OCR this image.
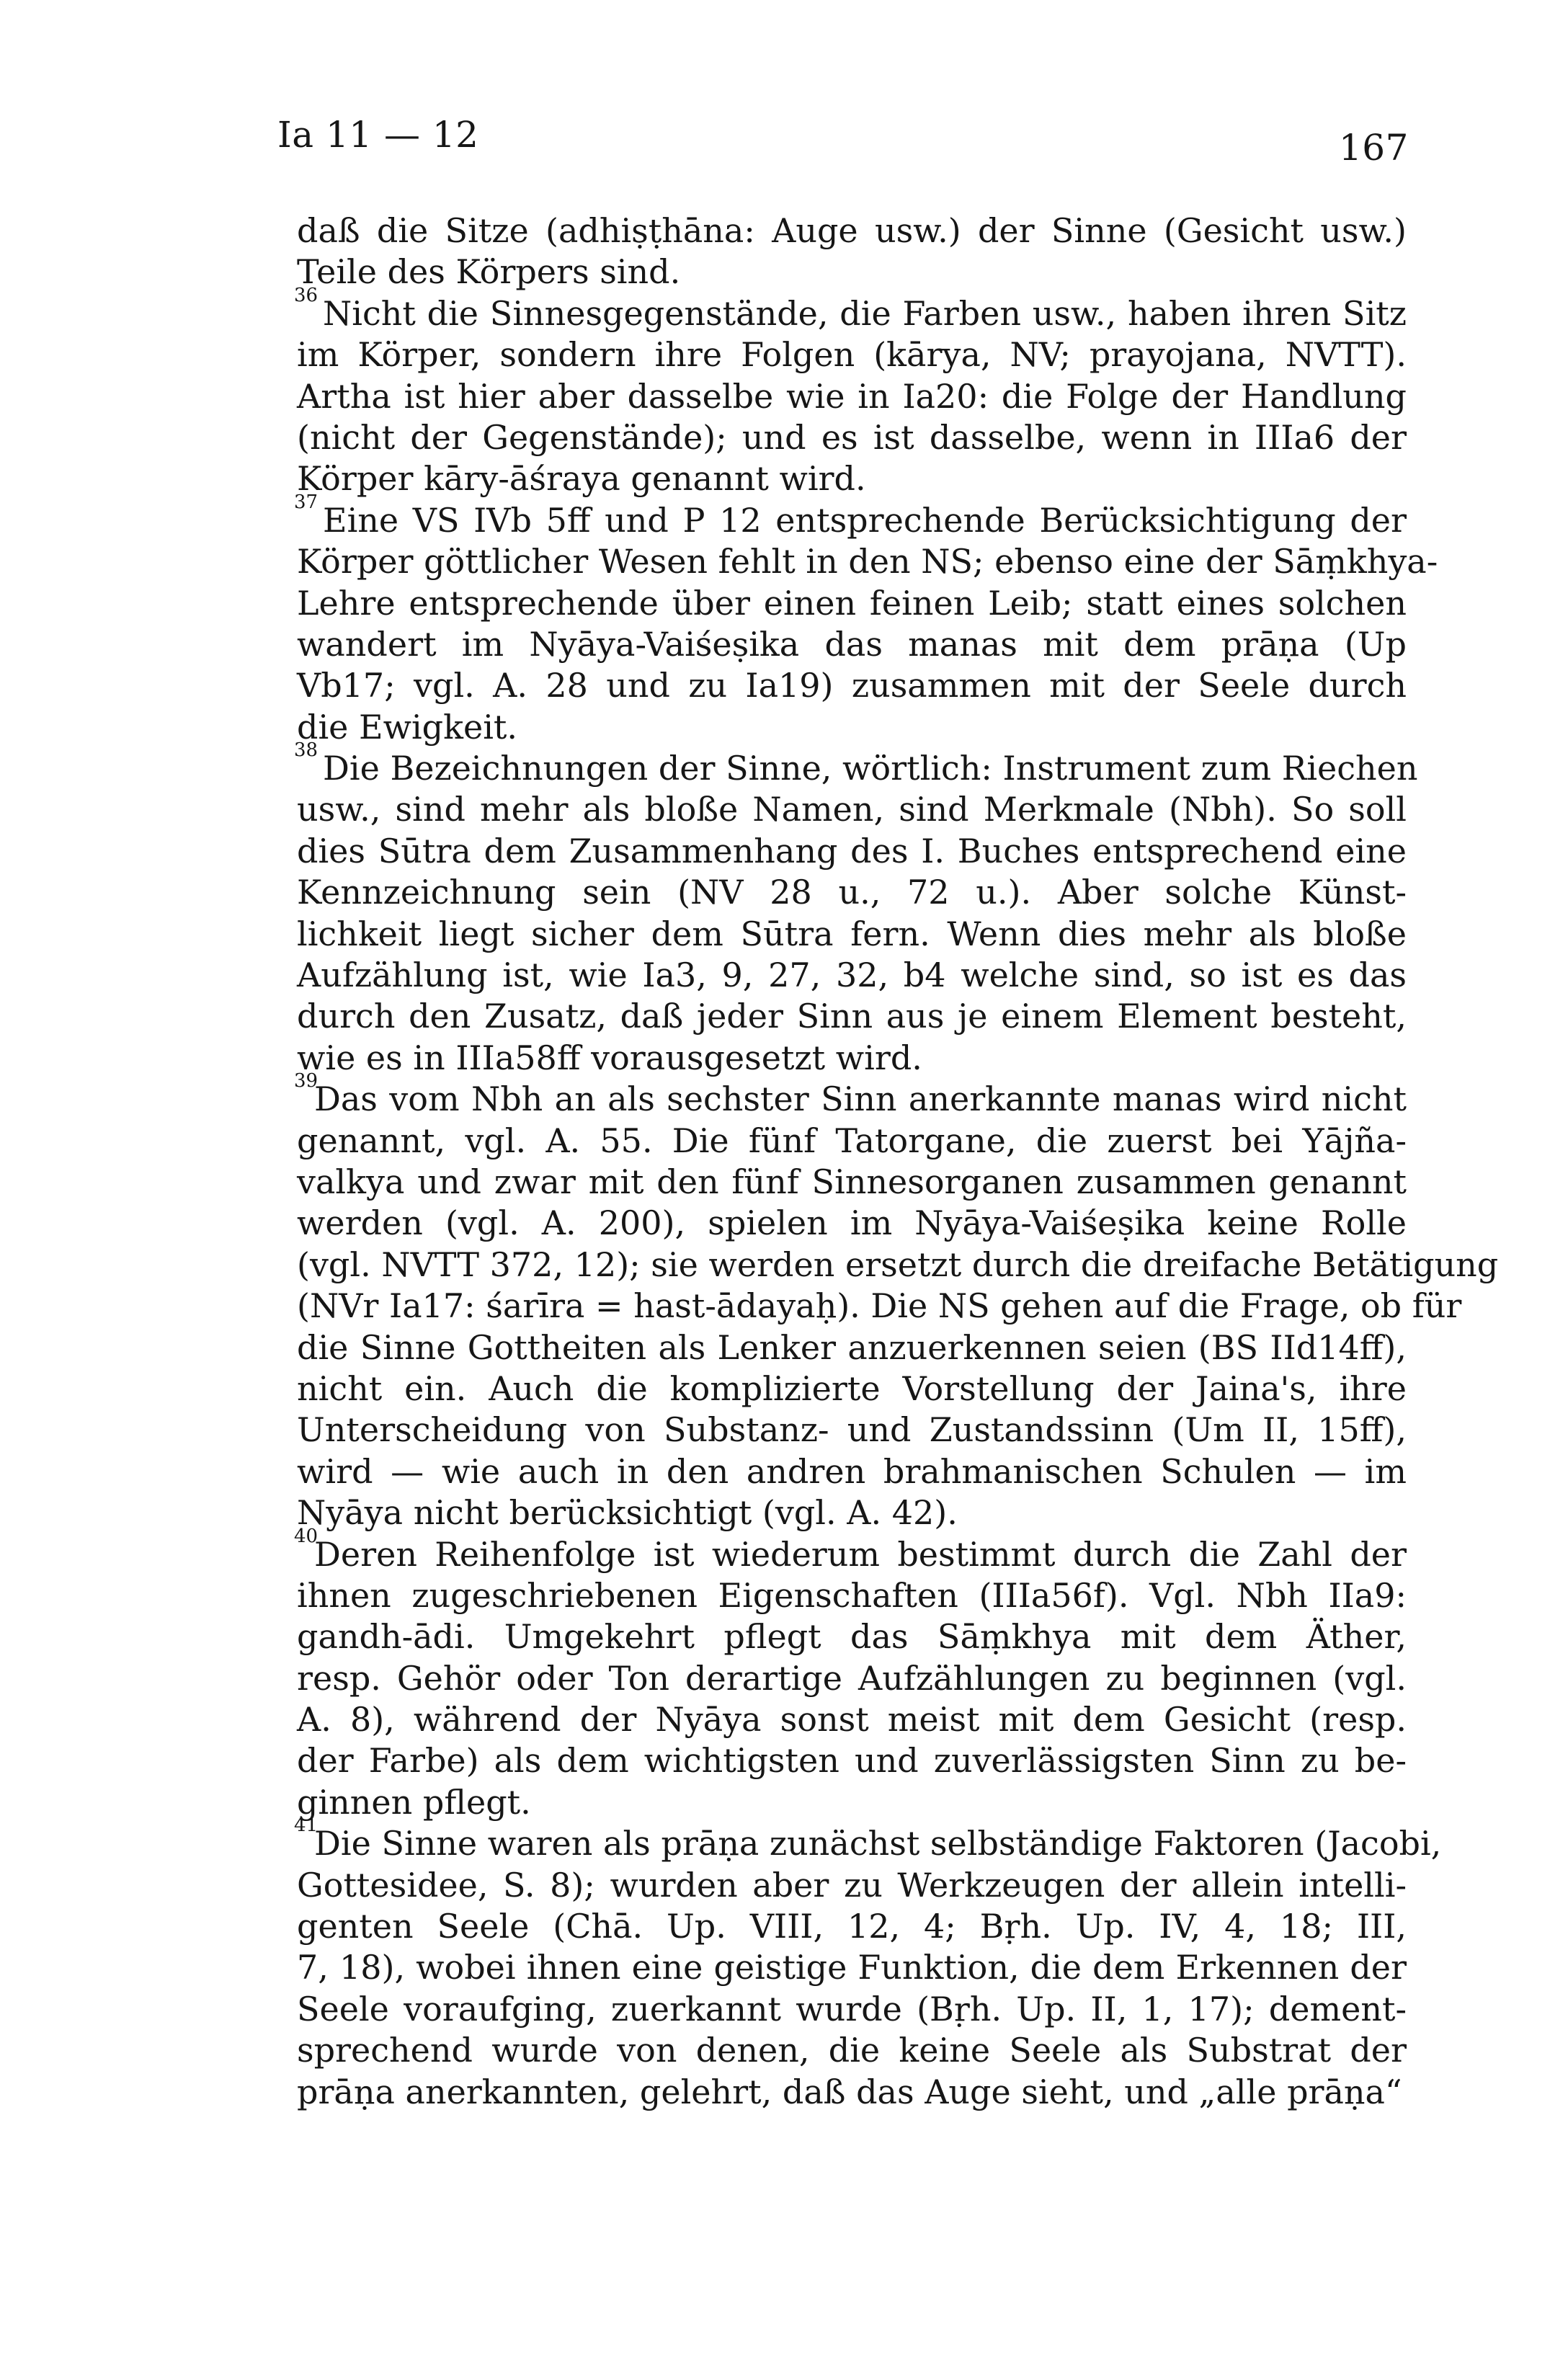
Ia 11 — 12	167
daß die Sitze (adhiṣṭhāna: Auge usw.) der Sinne (Gesicht usw.)
Teile des Körpers sind.
36 Nicht die Sinnesgegenstände, die Farben usw., haben ihren Sitz
im Körper, sondern ihre Folgen (kārya, NV; prayojana, NVTT).
Artha ist hier aber dasselbe wie in Ia20: die Folge der Handlung
(nicht der Gegenstände); und es ist dasselbe, wenn in IIIa6 der
Körper kāry-āśraya genannt wird.
37 Eine VS IVb 5ff und P 12 entsprechende Berücksichtigung der
Körper göttlicher Wesen fehlt in den NS; ebenso eine der Sāṃkhya-
Lehre entsprechende über einen feinen Leib; statt eines solchen
wandert im Nyāya-Vaiśeṣika das manas mit dem prāṇa (Up
Vb17; vgl. A. 28 und zu Ia19) zusammen mit der Seele durch
die Ewigkeit.
38 Die Bezeichnungen der Sinne, wörtlich: Instrument zum Riechen
usw., sind mehr als bloße Namen, sind Merkmale (Nbh). So soll
dies Sūtra dem Zusammenhang des I. Buches entsprechend eine
Kennzeichnung sein (NV 28 u., 72 u.). Aber solche Künst-
lichkeit liegt sicher dem Sūtra fern. Wenn dies mehr als bloße
Aufzählung ist, wie Ia3, 9, 27, 32, b4 welche sind, so ist es das
durch den Zusatz, daß jeder Sinn aus je einem Element besteht,
wie es in IIIa58ff vorausgesetzt wird.
39
Das vom Nbh an als sechster Sinn anerkannte manas wird nicht
genannt, vgl. A. 55. Die fünf Tatorgane, die zuerst bei Yājña-
valkya und zwar mit den fünf Sinnesorganen zusammen genannt
werden (vgl. A. 200), spielen im Nyāya-Vaiśeṣika keine Rolle
(vgl. NVTT 372, 12); sie werden ersetzt durch die dreifache Betätigung
(NVr Ia17: śarīra = hast-ādayaḥ). Die NS gehen auf die Frage, ob für
die Sinne Gottheiten als Lenker anzuerkennen seien (BS IId14ff),
nicht ein. Auch die komplizierte Vorstellung der Jaina's, ihre
Unterscheidung von Substanz- und Zustandssinn (Um II, 15ff),
wird — wie auch in den andren brahmanischen Schulen — im
Nyāya nicht berücksichtigt (vgl. A. 42).
40
Deren Reihenfolge ist wiederum bestimmt durch die Zahl der
ihnen zugeschriebenen Eigenschaften (IIIa56f). Vgl. Nbh IIa9:
gandh-ādi. Umgekehrt pflegt das Sāṃkhya mit dem Äther,
resp. Gehör oder Ton derartige Aufzählungen zu beginnen (vgl.
A. 8), während der Nyāya sonst meist mit dem Gesicht (resp.
der Farbe) als dem wichtigsten und zuverlässigsten Sinn zu be-
ginnen pflegt.
41
Die Sinne waren als prāṇa zunächst selbständige Faktoren (Jacobi,
Gottesidee, S. 8); wurden aber zu Werkzeugen der allein intelli-
genten Seele (Chā. Up. VIII, 12, 4; Bṛh. Up. IV, 4, 18; III,
7, 18), wobei ihnen eine geistige Funktion, die dem Erkennen der
Seele voraufging, zuerkannt wurde (Bṛh. Up. II, 1, 17); dement-
sprechend wurde von denen, die keine Seele als Substrat der
prāṇa anerkannten, gelehrt, daß das Auge sieht, und „alle prāṇa“
